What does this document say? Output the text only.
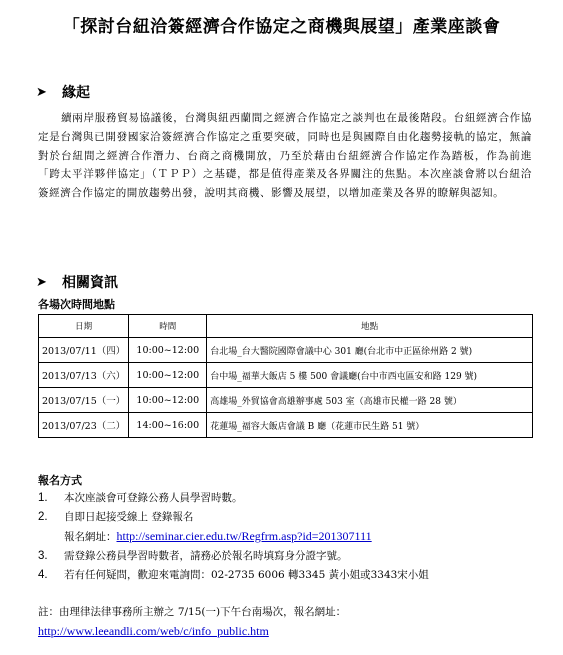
「探討台紐洽簽經濟合作協定之商機與展望」產業座談會
➤	緣起

續兩岸服務貿易協議後，台灣與紐西蘭間之經濟合作協定之談判也在最後階段。台紐經濟合作協定是台灣與已開發國家洽簽經濟合作協定之重要突破，同時也是與國際自由化趨勢接軌的協定，無論對於台紐間之經濟合作潛力、台商之商機開放，乃至於藉由台紐經濟合作協定作為踏板，作為前進「跨太平洋夥伴協定」（ＴＰＰ）之基礎，都是值得產業及各界關注的焦點。本次座談會將以台紐洽簽經濟合作協定的開放趨勢出發，說明其商機、影響及展望，以增加產業及各界的瞭解與認知。

➤	相關資訊
各場次時間地點
日期	時間	地點
2013/07/11（四）	10:00~12:00	台北場_台大醫院國際會議中心 301 廳(台北市中正區徐州路 2 號)
2013/07/13（六）	10:00~12:00	台中場_福華大飯店 5 樓 500 會議廳(台中市西屯區安和路 129 號)
2013/07/15（一）	10:00~12:00	高雄場_外貿協會高雄辦事處 503 室（高雄市民權一路 28 號）
2013/07/23（二）	14:00~16:00	花蓮場_福容大飯店會議 B 廳（花蓮市民生路 51 號）
報名方式
1. 本次座談會可登錄公務人員學習時數。
2. 自即日起接受線上 登錄報名
報名網址：http://seminar.cier.edu.tw/Regfrm.asp?id=201307111
3. 需登錄公務員學習時數者，請務必於報名時填寫身分證字號。
4. 若有任何疑問，歡迎來電詢問：02-2735 6006 轉3345 黃小姐或3343宋小姐
註：由理律法律事務所主辦之 7/15(一)下午台南場次，報名網址：
http://www.leeandli.com/web/c/info_public.htm
